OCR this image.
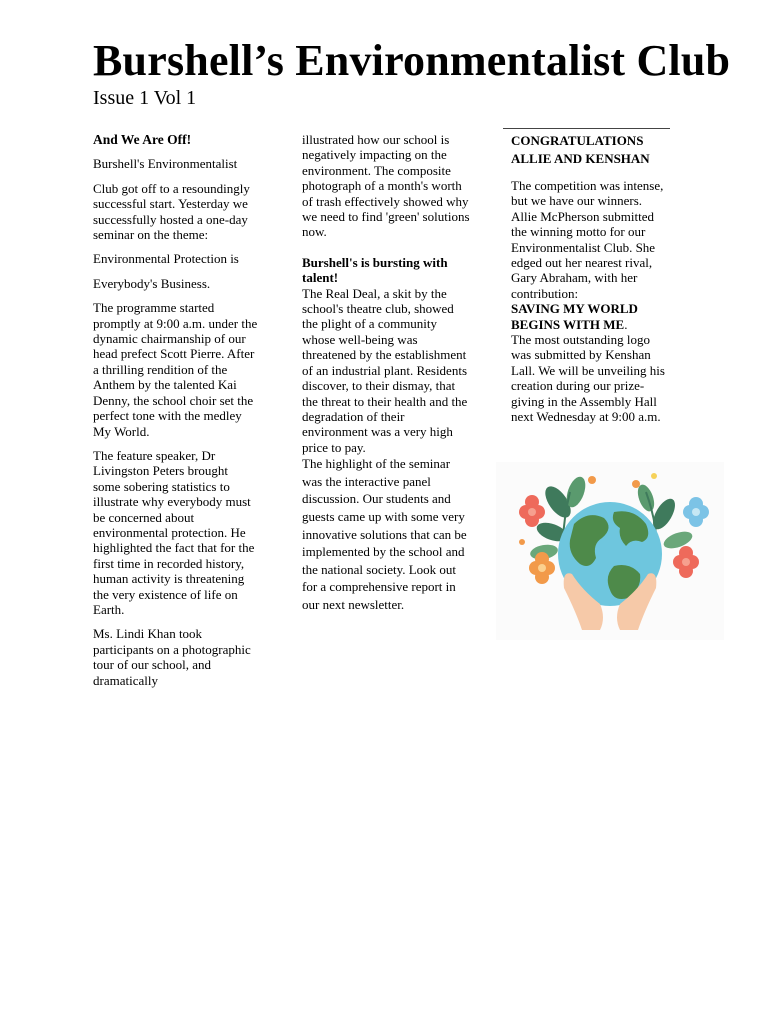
Burshell’s Environmentalist Club
Issue 1 Vol 1

And We Are Off!

Burshell's Environmentalist

Club got off to a resoundingly successful start. Yesterday we successfully hosted a one-day seminar on the theme:

Environmental Protection is

Everybody's Business.

The programme started promptly at 9:00 a.m. under the dynamic chairmanship of our head prefect Scott Pierre. After a thrilling rendition of the Anthem by the talented Kai Denny, the school choir set the perfect tone with the medley My World.

The feature speaker, Dr Livingston Peters brought some sobering statistics to illustrate why everybody must be concerned about environmental protection. He highlighted the fact that for the first time in recorded history, human activity is threatening the very existence of life on Earth.

Ms. Lindi Khan took participants on a photographic tour of our school, and dramatically

illustrated how our school is negatively impacting on the environment. The composite photograph of a month's worth of trash effectively showed why we need to find 'green' solutions now.

Burshell's is bursting with talent!

The Real Deal, a skit by the school's theatre club, showed the plight of a community whose well-being was threatened by the establishment of an industrial plant. Residents discover, to their dismay, that the threat to their health and the degradation of their environment was a very high price to pay.

The highlight of the seminar was the interactive panel discussion. Our students and guests came up with some very innovative solutions that can be implemented by the school and the national society. Look out for a comprehensive report in our next newsletter.

CONGRATULATIONS
ALLIE AND KENSHAN

The competition was intense, but we have our winners.

Allie McPherson submitted the winning motto for our Environmentalist Club. She edged out her nearest rival, Gary Abraham, with her contribution:

SAVING MY WORLD BEGINS WITH ME.

The most outstanding logo was submitted by Kenshan Lall. We will be unveiling his creation during our prize-giving in the Assembly Hall next Wednesday at 9:00 a.m.
